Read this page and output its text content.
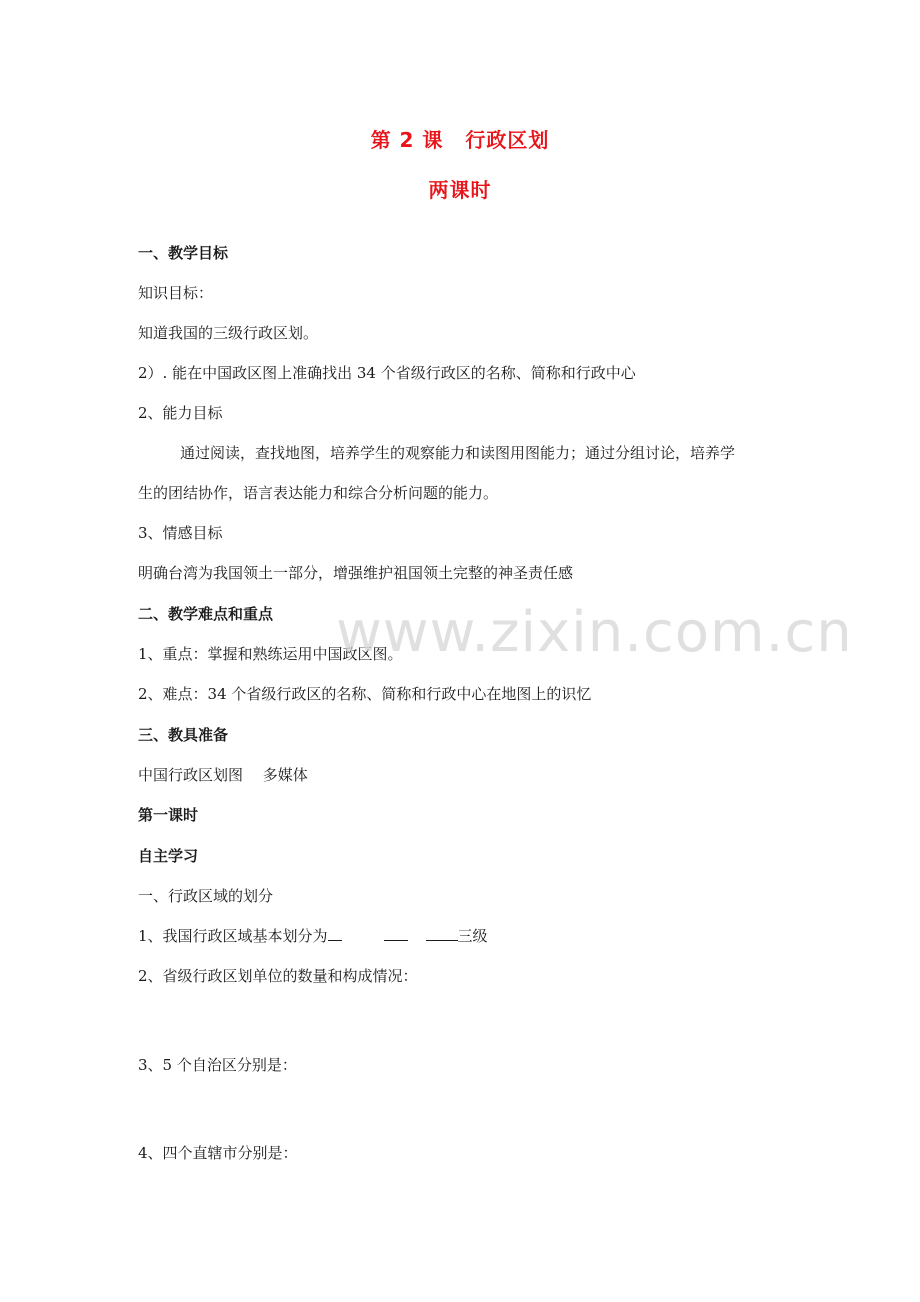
第 2 课 行政区划
两课时
一、教学目标
知识目标：
知道我国的三级行政区划。
2）. 能在中国政区图上准确找出 34 个省级行政区的名称、简称和行政中心
2、能力目标
通过阅读，查找地图，培养学生的观察能力和读图用图能力；通过分组讨论，培养学
生的团结协作，语言表达能力和综合分析问题的能力。
3、情感目标
明确台湾为我国领土一部分，增强维护祖国领土完整的神圣责任感
二、教学难点和重点
1、重点：掌握和熟练运用中国政区图。
2、难点：34 个省级行政区的名称、简称和行政中心在地图上的识忆
三、教具准备
中国行政区划图　 多媒体
第一课时
自主学习
一、行政区域的划分
1、我国行政区域基本划分为	三级
2、省级行政区划单位的数量和构成情况：
3、5 个自治区分别是：
4、四个直辖市分别是：
www.zixin.com.cn
